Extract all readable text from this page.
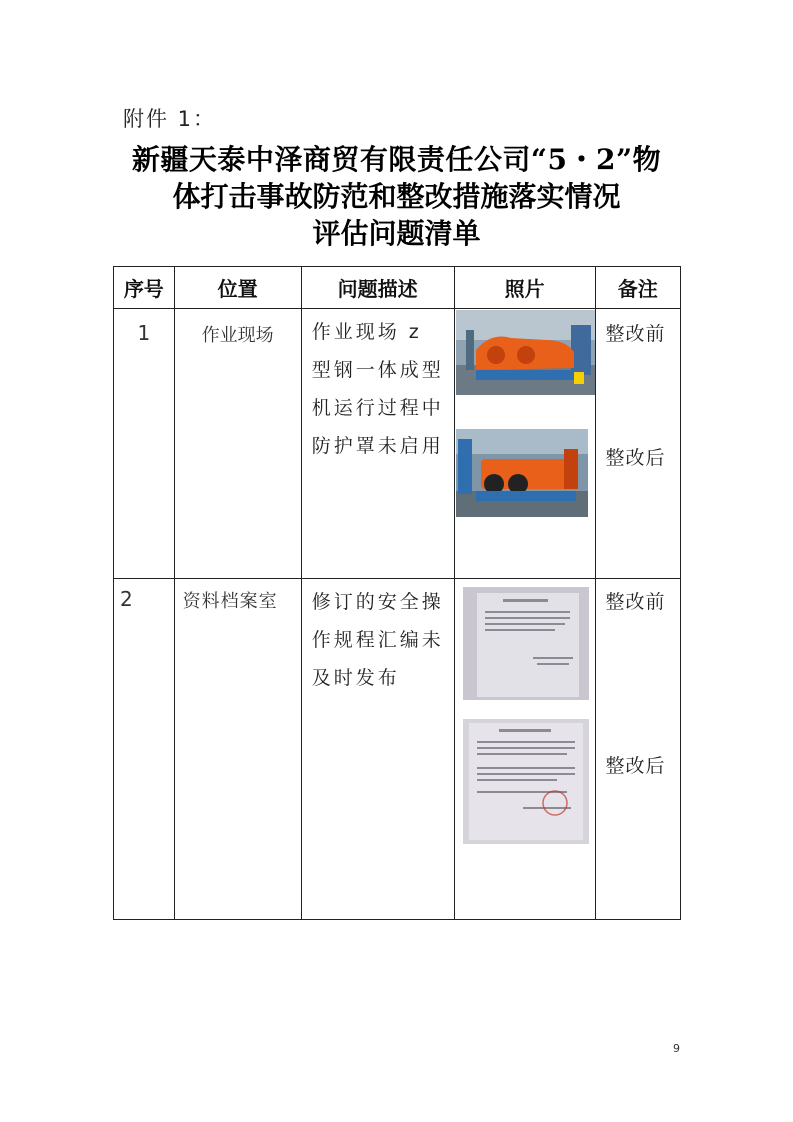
附件 1：
新疆天泰中泽商贸有限责任公司“5・2”物
体打击事故防范和整改措施落实情况
评估问题清单
序号	位置	问题描述	照片	备注
1	作业现场	作业现场 z 型钢一体成型机运行过程中防护罩未启用		整改前
整改后

2	资料档案室	修订的安全操作规程汇编未及时发布		整改前
整改后
9
